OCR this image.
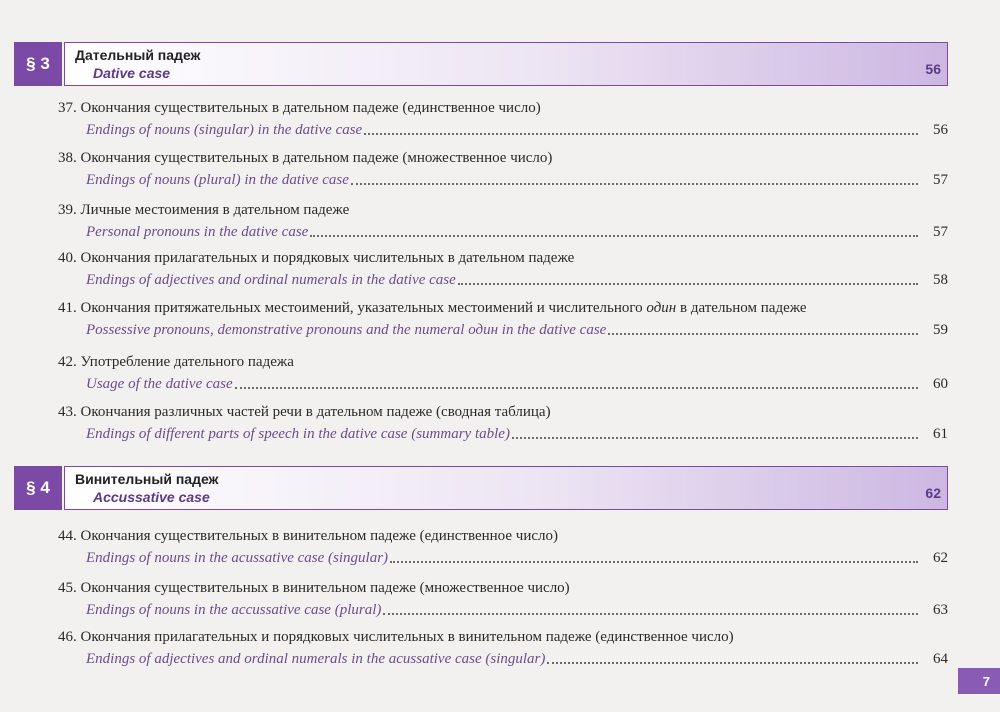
§ 3	Дательный падеж
Dative case	56
37. Окончания существительных в дательном падеже (единственное число)
Endings of nouns (singular) in the dative case	56
38. Окончания существительных в дательном падеже (множественное число)
Endings of nouns (plural) in the dative case	57
39. Личные местоимения в дательном падеже
Personal pronouns in the dative case	57
40. Окончания прилагательных и порядковых числительных в дательном падеже
Endings of adjectives and ordinal numerals in the dative case	58
41. Окончания притяжательных местоимений, указательных местоимений и числительного один в дательном падеже
Possessive pronouns, demonstrative pronouns and the numeral один in the dative case	59
42. Употребление дательного падежа
Usage of the dative case	60
43. Окончания различных частей речи в дательном падеже (сводная таблица)
Endings of different parts of speech in the dative case (summary table)	61
§ 4	Винительный падеж
Accussative case	62
44. Окончания существительных в винительном падеже (единственное число)
Endings of nouns in the acussative case (singular)	62
45. Окончания существительных в винительном падеже (множественное число)
Endings of nouns in the accussative case (plural)	63
46. Окончания прилагательных и порядковых числительных в винительном падеже (единственное число)
Endings of adjectives and ordinal numerals in the acussative case (singular)	64
7
